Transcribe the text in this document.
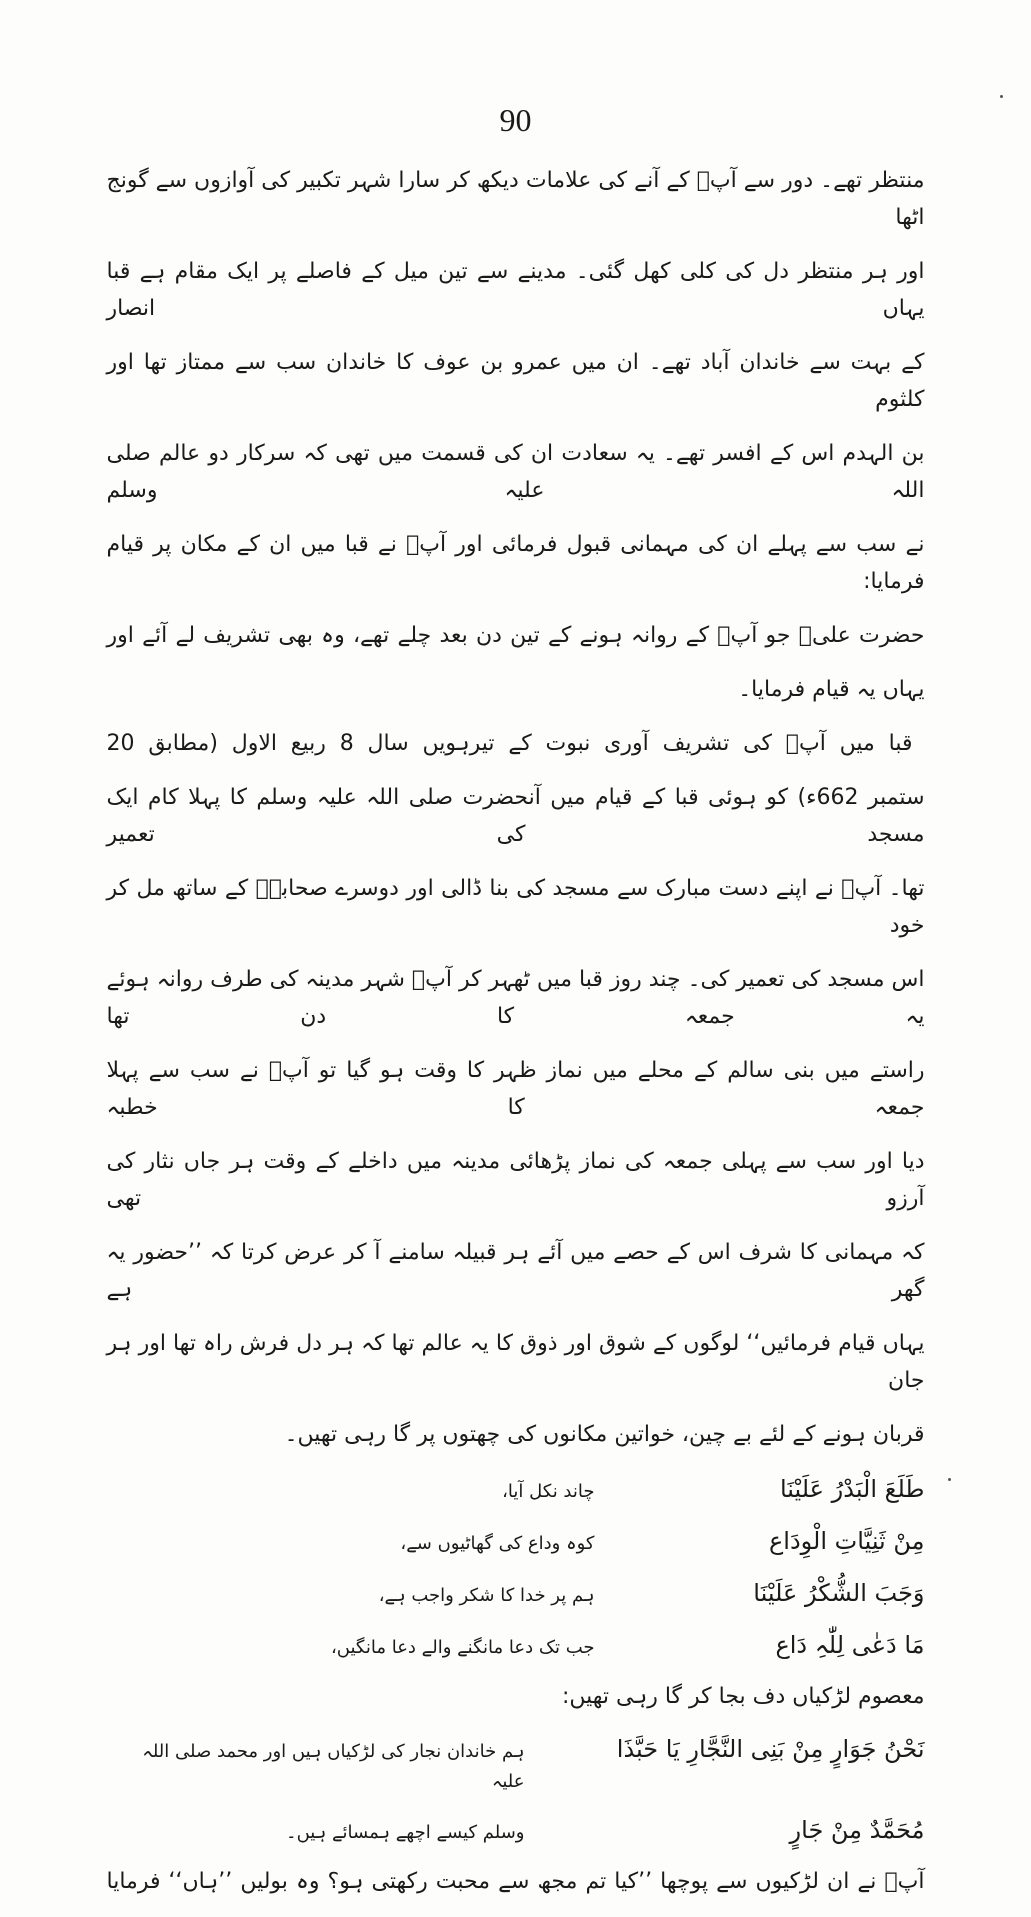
90
منتظر تھے۔ دور سے آپؐ کے آنے کی علامات دیکھ کر سارا شہر تکبیر کی آوازوں سے گونج اٹھا
اور ہر منتظر دل کی کلی کھل گئی۔ مدینے سے تین میل کے فاصلے پر ایک مقام ہے قبا یہاں انصار
کے بہت سے خاندان آباد تھے۔ ان میں عمرو بن عوف کا خاندان سب سے ممتاز تھا اور کلثوم
بن الہدم اس کے افسر تھے۔ یہ سعادت ان کی قسمت میں تھی کہ سرکار دو عالم صلی اللہ علیہ وسلم
نے سب سے پہلے ان کی مہمانی قبول فرمائی اور آپؐ نے قبا میں ان کے مکان پر قیام فرمایا:
حضرت علیؓ جو آپؐ کے روانہ ہونے کے تین دن بعد چلے تھے، وہ بھی تشریف لے آئے اور
یہاں یہ قیام فرمایا۔
قبا میں آپؐ کی تشریف آوری نبوت کے تیرہویں سال 8 ربیع الاول (مطابق 20
ستمبر 662ء) کو ہوئی قبا کے قیام میں آنحضرت صلی اللہ علیہ وسلم کا پہلا کام ایک مسجد کی تعمیر
تھا۔ آپؐ نے اپنے دست مبارک سے مسجد کی بنا ڈالی اور دوسرے صحابہؓ کے ساتھ مل کر خود
اس مسجد کی تعمیر کی۔ چند روز قبا میں ٹھہر کر آپؐ شہر مدینہ کی طرف روانہ ہوئے یہ جمعہ کا دن تھا
راستے میں بنی سالم کے محلے میں نماز ظہر کا وقت ہو گیا تو آپؐ نے سب سے پہلا جمعہ کا خطبہ
دیا اور سب سے پہلی جمعہ کی نماز پڑھائی مدینہ میں داخلے کے وقت ہر جاں نثار کی آرزو تھی
کہ مہمانی کا شرف اس کے حصے میں آئے ہر قبیلہ سامنے آ کر عرض کرتا کہ ’’حضور یہ گھر ہے
یہاں قیام فرمائیں‘‘ لوگوں کے شوق اور ذوق کا یہ عالم تھا کہ ہر دل فرش راہ تھا اور ہر جان
قربان ہونے کے لئے بے چین، خواتین مکانوں کی چھتوں پر گا رہی تھیں۔
طَلَعَ الْبَدْرُ عَلَیْنَا
چاند نکل آیا،
مِنْ ثَنِیَّاتِ الْوِدَاع
کوہ وداع کی گھاٹیوں سے،
وَجَبَ الشُّکْرُ عَلَیْنَا
ہم پر خدا کا شکر واجب ہے،
مَا دَعٰی لِلّٰہِ دَاع
جب تک دعا مانگنے والے دعا مانگیں،
معصوم لڑکیاں دف بجا کر گا رہی تھیں:
نَحْنُ جَوَارٍ مِنْ بَنِی النَّجَّارِ یَا حَبَّذَا
ہم خاندان نجار کی لڑکیاں ہیں اور محمد صلی اللہ علیہ
مُحَمَّدٌ مِنْ جَارٍ
وسلم کیسے اچھے ہمسائے ہیں۔
آپؐ نے ان لڑکیوں سے پوچھا ’’کیا تم مجھ سے محبت رکھتی ہو؟ وہ بولیں ’’ہاں‘‘ فرمایا
